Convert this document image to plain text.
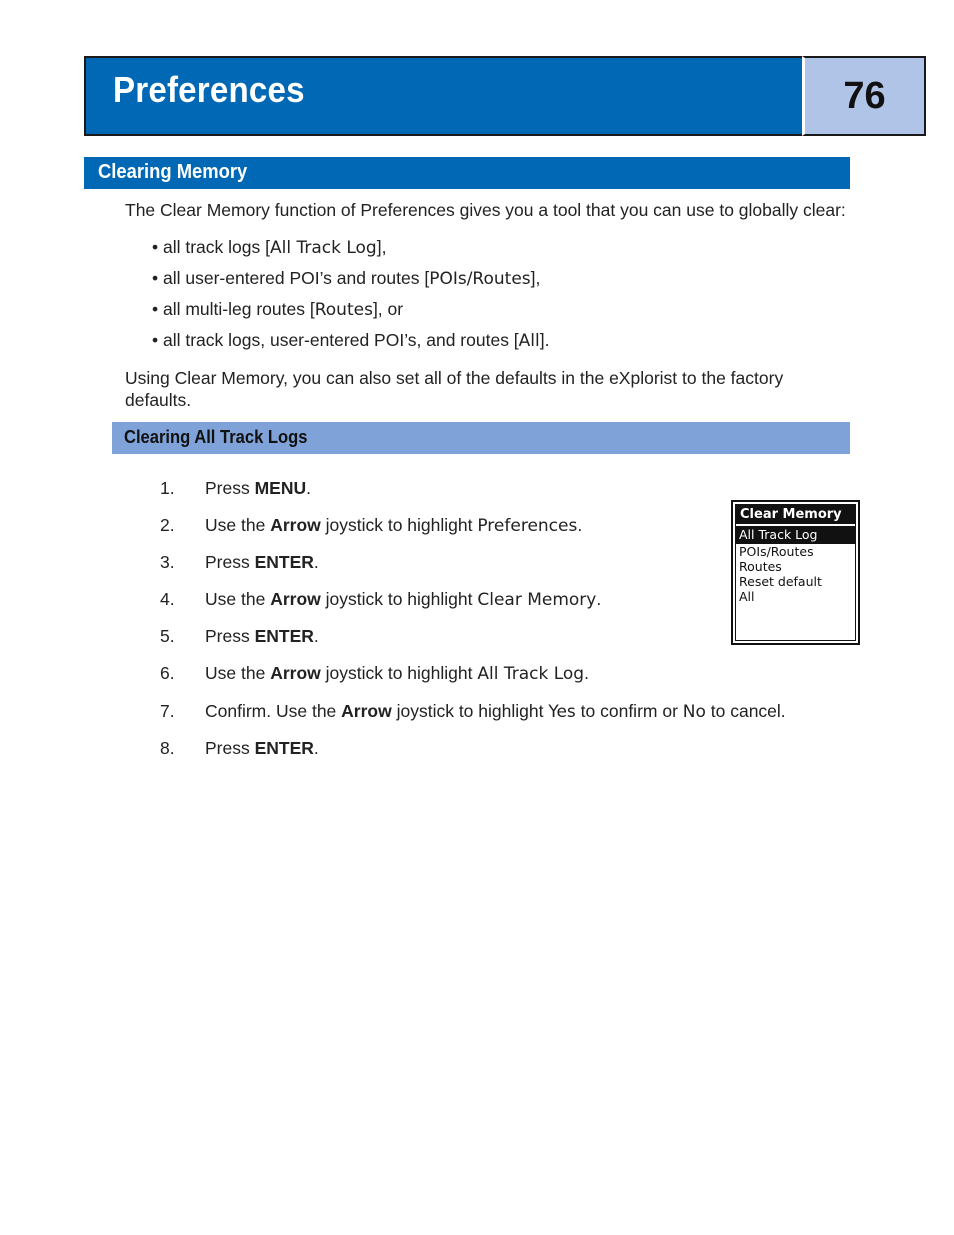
Preferences	76
Clearing Memory
The Clear Memory function of Preferences gives you a tool that you can use to globally clear:
• all track logs [All Track Log],
• all user-entered POI’s and routes [POIs/Routes],
• all multi-leg routes [Routes], or
• all track logs, user-entered POI’s, and routes [All].
Using Clear Memory, you can also set all of the defaults in the eXplorist to the factory defaults.
Clearing All Track Logs
1. Press MENU.
2. Use the Arrow joystick to highlight Preferences.
3. Press ENTER.
4. Use the Arrow joystick to highlight Clear Memory.
5. Press ENTER.
6. Use the Arrow joystick to highlight All Track Log.
7. Confirm. Use the Arrow joystick to highlight Yes to confirm or No to cancel.
8. Press ENTER.
Clear Memory
All Track Log
POIs/Routes
Routes
Reset default
All
